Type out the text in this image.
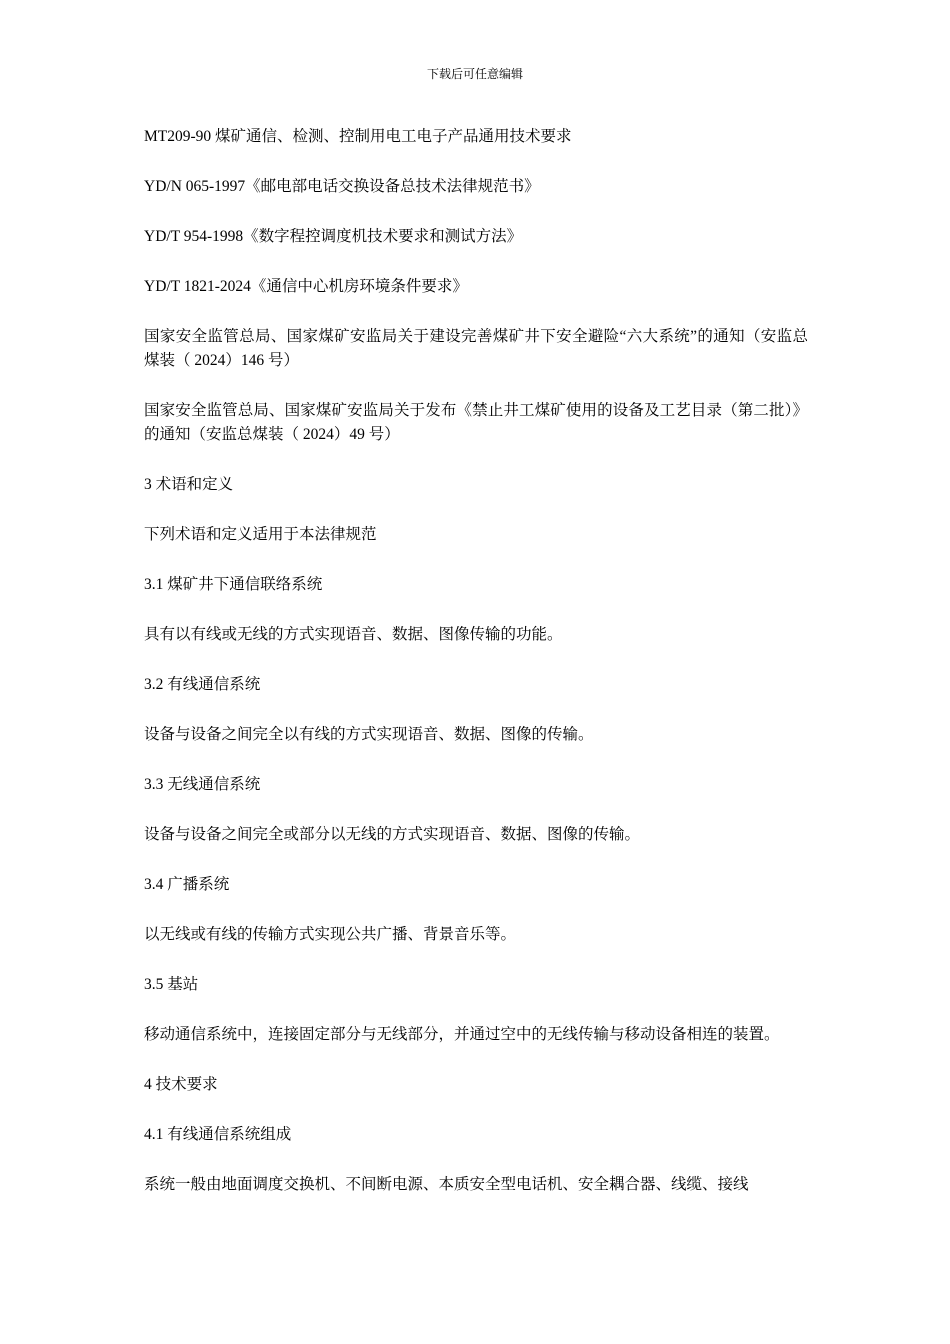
下载后可任意编辑

MT209-90 煤矿通信、检测、控制用电工电子产品通用技术要求

YD/N 065-1997《邮电部电话交换设备总技术法律规范书》

YD/T 954-1998《数字程控调度机技术要求和测试方法》

YD/T 1821-2024《通信中心机房环境条件要求》

国家安全监管总局、国家煤矿安监局关于建设完善煤矿井下安全避险“六大系统”的通知（安监总煤装（ 2024）146 号）

国家安全监管总局、国家煤矿安监局关于发布《禁止井工煤矿使用的设备及工艺目录（第二批）》的通知（安监总煤装（ 2024）49 号）

3 术语和定义

下列术语和定义适用于本法律规范

3.1 煤矿井下通信联络系统

具有以有线或无线的方式实现语音、数据、图像传输的功能。

3.2 有线通信系统

设备与设备之间完全以有线的方式实现语音、数据、图像的传输。

3.3 无线通信系统

设备与设备之间完全或部分以无线的方式实现语音、数据、图像的传输。

3.4 广播系统

以无线或有线的传输方式实现公共广播、背景音乐等。

3.5 基站

移动通信系统中，连接固定部分与无线部分，并通过空中的无线传输与移动设备相连的装置。

4 技术要求

4.1 有线通信系统组成

系统一般由地面调度交换机、不间断电源、本质安全型电话机、安全耦合器、线缆、接线
